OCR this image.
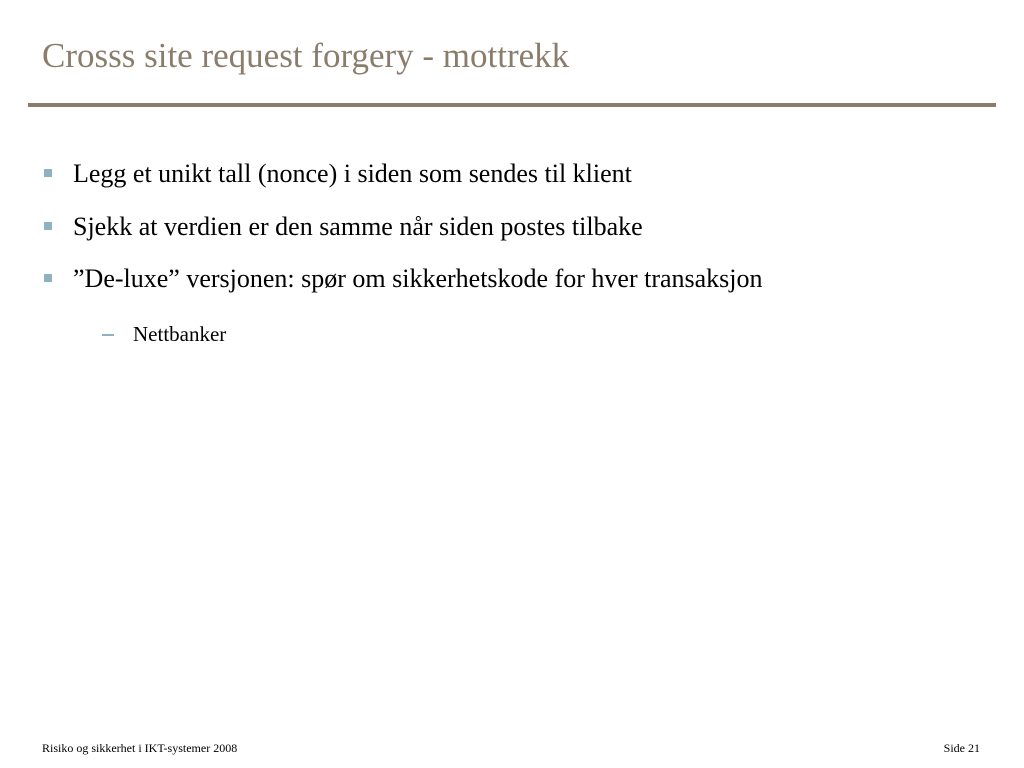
Crosss site request forgery - mottrekk
Legg et unikt tall (nonce) i siden som sendes til klient
Sjekk at verdien er den samme når siden postes tilbake
”De-luxe” versjonen: spør om sikkerhetskode for hver transaksjon
Nettbanker
Risiko og sikkerhet i IKT-systemer 2008	Side 21
